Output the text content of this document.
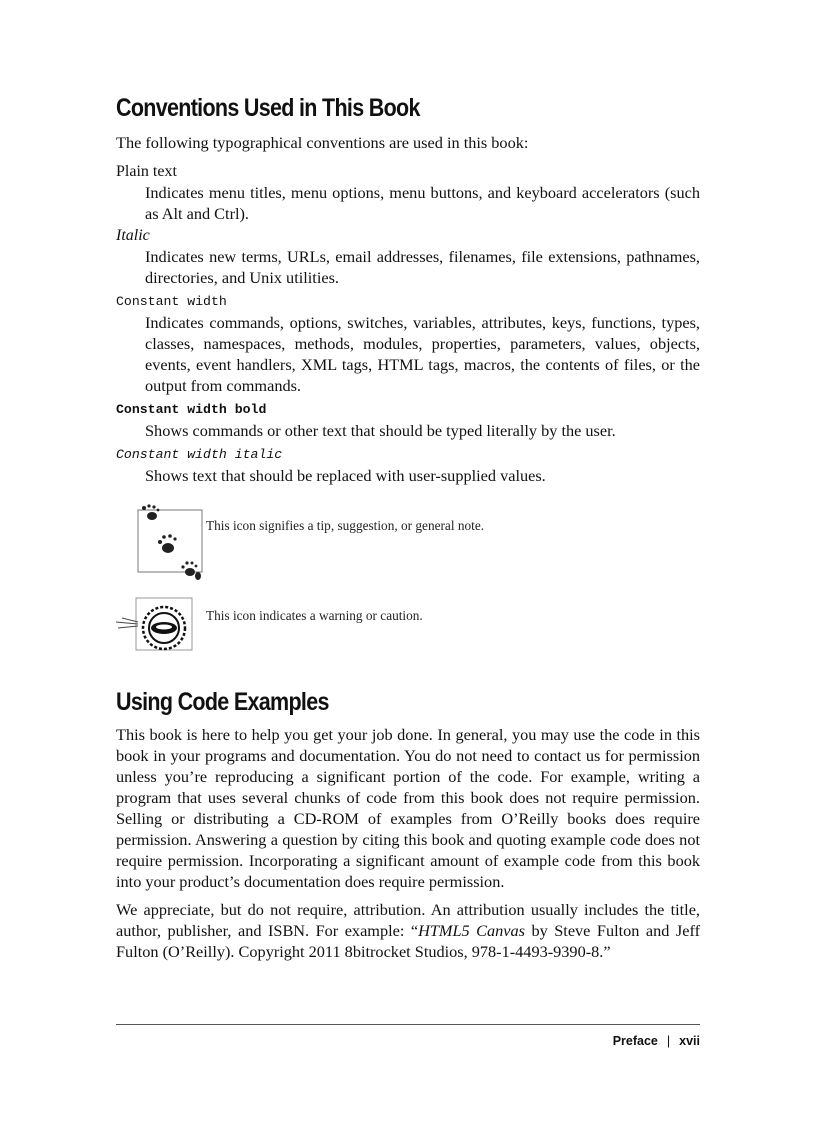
Conventions Used in This Book

The following typographical conventions are used in this book:

Plain text
Indicates menu titles, menu options, menu buttons, and keyboard accelerators (such as Alt and Ctrl).
Italic
Indicates new terms, URLs, email addresses, filenames, file extensions, pathnames, directories, and Unix utilities.
Constant width
Indicates commands, options, switches, variables, attributes, keys, functions, types, classes, namespaces, methods, modules, properties, parameters, values, objects, events, event handlers, XML tags, HTML tags, macros, the contents of files, or the output from commands.
Constant width bold
Shows commands or other text that should be typed literally by the user.
Constant width italic
Shows text that should be replaced with user-supplied values.
This icon signifies a tip, suggestion, or general note.
This icon indicates a warning or caution.
Using Code Examples

This book is here to help you get your job done. In general, you may use the code in this book in your programs and documentation. You do not need to contact us for permission unless you’re reproducing a significant portion of the code. For example, writing a program that uses several chunks of code from this book does not require permission. Selling or distributing a CD-ROM of examples from O’Reilly books does require permission. Answering a question by citing this book and quoting example code does not require permission. Incorporating a significant amount of example code from this book into your product’s documentation does require permission.

We appreciate, but do not require, attribution. An attribution usually includes the title, author, publisher, and ISBN. For example: “HTML5 Canvas by Steve Fulton and Jeff Fulton (O’Reilly). Copyright 2011 8bitrocket Studios, 978-1-4493-9390-8.”

Preface | xvii
